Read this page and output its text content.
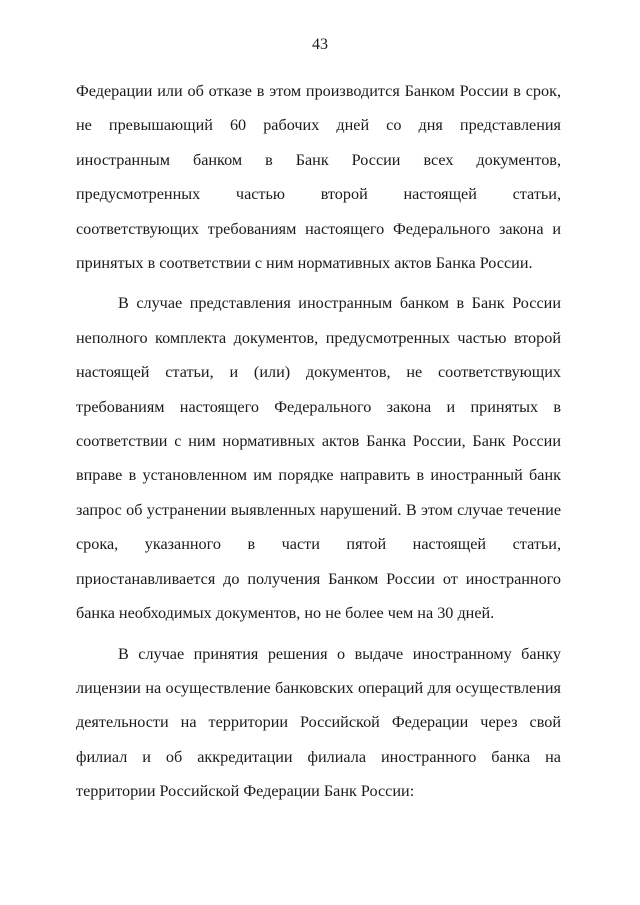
43

Федерации или об отказе в этом производится Банком России в срок, не превышающий 60 рабочих дней со дня представления иностранным банком в Банк России всех документов, предусмотренных частью второй настоящей статьи, соответствующих требованиям настоящего Федерального закона и принятых в соответствии с ним нормативных актов Банка России.

В случае представления иностранным банком в Банк России неполного комплекта документов, предусмотренных частью второй настоящей статьи, и (или) документов, не соответствующих требованиям настоящего Федерального закона и принятых в соответствии с ним нормативных актов Банка России, Банк России вправе в установленном им порядке направить в иностранный банк запрос об устранении выявленных нарушений. В этом случае течение срока, указанного в части пятой настоящей статьи, приостанавливается до получения Банком России от иностранного банка необходимых документов, но не более чем на 30 дней.

В случае принятия решения о выдаче иностранному банку лицензии на осуществление банковских операций для осуществления деятельности на территории Российской Федерации через свой филиал и об аккредитации филиала иностранного банка на территории Российской Федерации Банк России:
